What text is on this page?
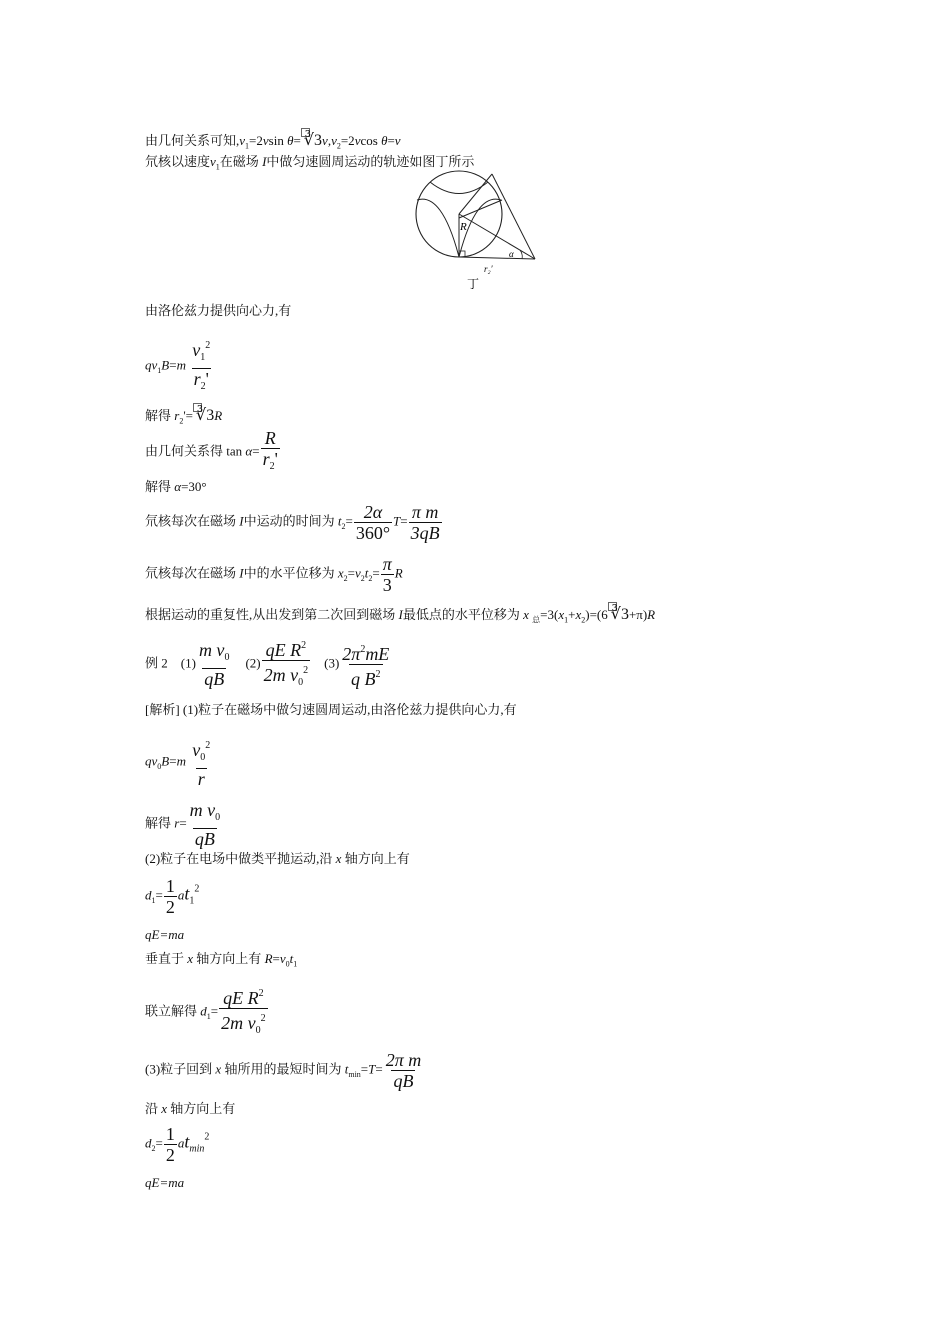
由几何关系可知$,v_1=2vsin$ $\theta= ∛3v,v_2=2vcos$ θ=v
氘核以速度$v_1$在磁场 I中做匀速圆周运动的轨迹如图丁所示
R
r₂′
α
丁
由洛伦兹力提供向心力,有
$qv_1B=m \frac{v_1^2}{r_2'}$
解得 $r_2'=$ ∛3R
由几何关系得 $\tan \alpha= \frac{R}{r_2'}$
解得 α=30°
氘核每次在磁场 I中运动的时间为 $t_2= \frac{2\alpha}{360^\circ} T= \frac{\text{π m}}{3qB}$
氘核每次在磁场 I中的水平位移为 $x_2=v_2t_2= \frac{\pi}{3}$ R
根据运动的重复性,从出发到第二次回到磁场 I最低点的水平位移为 x $_总=3(x_1+x_2)=(6$ ∛3+π)R
例 2 $(1) \frac{m v_0}{qB} (2) \frac{qE R^2}{2m v_0^2} (3) \frac{2\pi^2mE}{q B^2}$
[解析] (1)粒子在磁场中做匀速圆周运动,由洛伦兹力提供向心力,有
$qv_0B=m \frac{v_0^2}{r}$
解得 $r= \frac{m v_0}{qB}$
(2)粒子在电场中做类平抛运动,沿 x 轴方向上有
$d_1= \frac{1}{2} at_1^2$
qE=ma
垂直于 x 轴方向上有 $R=v_0t_1$
联立解得 $d_1= \frac{qE R^2}{2m v_0^2}$
(3)粒子回到 x 轴所用的最短时间为 $t_{min}=T= \frac{\text{2π m}}{qB}$
沿 x 轴方向上有
$d_2= \frac{1}{2} at_{min}^2$
qE=ma
